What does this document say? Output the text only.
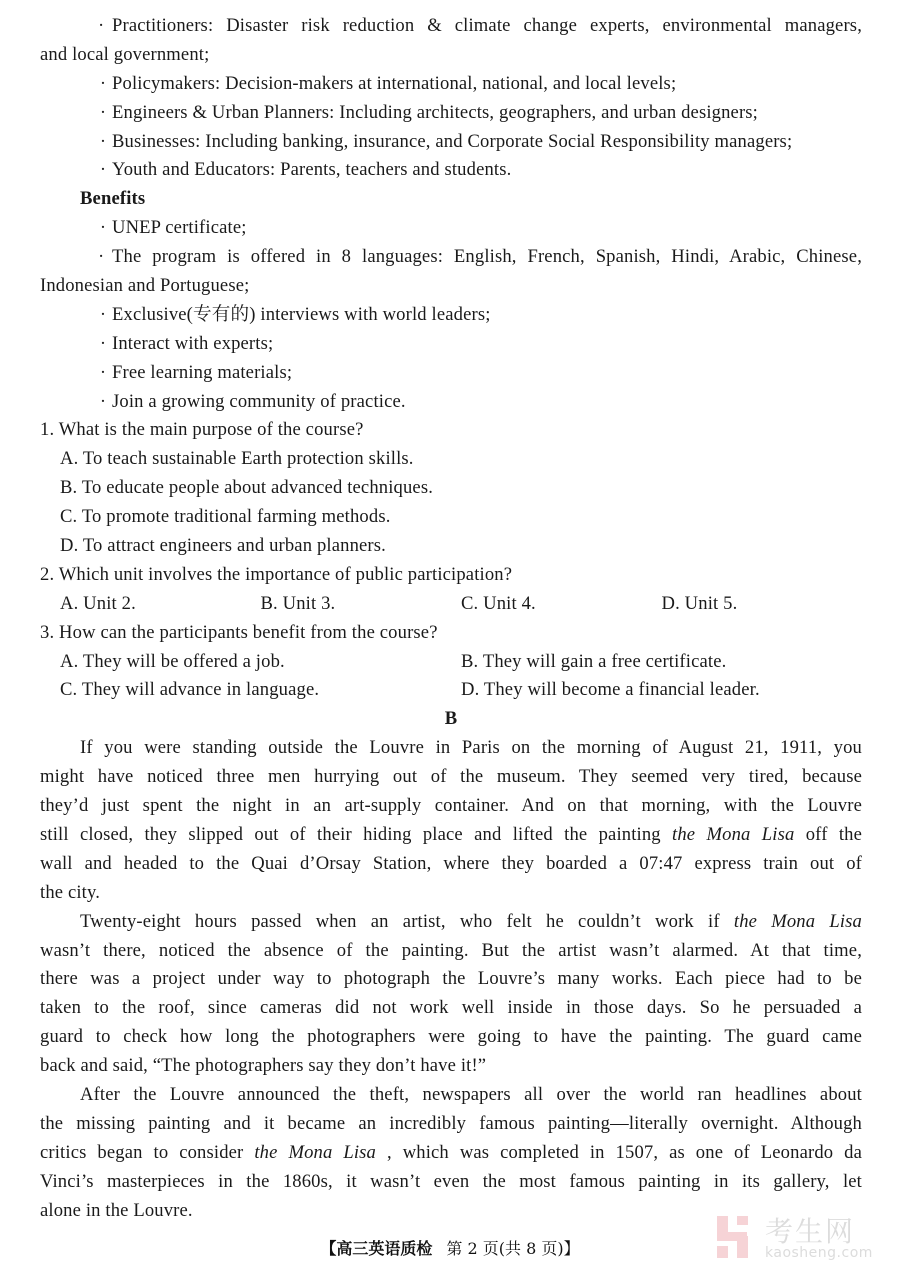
· Practitioners: Disaster risk reduction & climate change experts, environmental managers,
and local government;
· Policymakers: Decision-makers at international, national, and local levels;
· Engineers & Urban Planners: Including architects, geographers, and urban designers;
· Businesses: Including banking, insurance, and Corporate Social Responsibility managers;
· Youth and Educators: Parents, teachers and students.
Benefits
· UNEP certificate;
· The program is offered in 8 languages: English, French, Spanish, Hindi, Arabic, Chinese,
Indonesian and Portuguese;
· Exclusive(专有的) interviews with world leaders;
· Interact with experts;
· Free learning materials;
· Join a growing community of practice.
1. What is the main purpose of the course?
A. To teach sustainable Earth protection skills.
B. To educate people about advanced techniques.
C. To promote traditional farming methods.
D. To attract engineers and urban planners.
2. Which unit involves the importance of public participation?
A. Unit 2.	B. Unit 3.	C. Unit 4.	D. Unit 5.
3. How can the participants benefit from the course?
A. They will be offered a job.	B. They will gain a free certificate.
C. They will advance in language.	D. They will become a financial leader.
B
If you were standing outside the Louvre in Paris on the morning of August 21, 1911, you
might have noticed three men hurrying out of the museum. They seemed very tired, because
they’d just spent the night in an art-supply container. And on that morning, with the Louvre
still closed, they slipped out of their hiding place and lifted the painting the Mona Lisa off the
wall and headed to the Quai d’Orsay Station, where they boarded a 07:47 express train out of
the city.
Twenty-eight hours passed when an artist, who felt he couldn’t work if the Mona Lisa
wasn’t there, noticed the absence of the painting. But the artist wasn’t alarmed. At that time,
there was a project under way to photograph the Louvre’s many works. Each piece had to be
taken to the roof, since cameras did not work well inside in those days. So he persuaded a
guard to check how long the photographers were going to have the painting. The guard came
back and said, “The photographers say they don’t have it!”
After the Louvre announced the theft, newspapers all over the world ran headlines about
the missing painting and it became an incredibly famous painting—literally overnight. Although
critics began to consider the Mona Lisa , which was completed in 1507, as one of Leonardo da
Vinci’s masterpieces in the 1860s, it wasn’t even the most famous painting in its gallery, let
alone in the Louvre.
考生网
kaosheng.com
【高三英语质检 第 2 页(共 8 页)】
